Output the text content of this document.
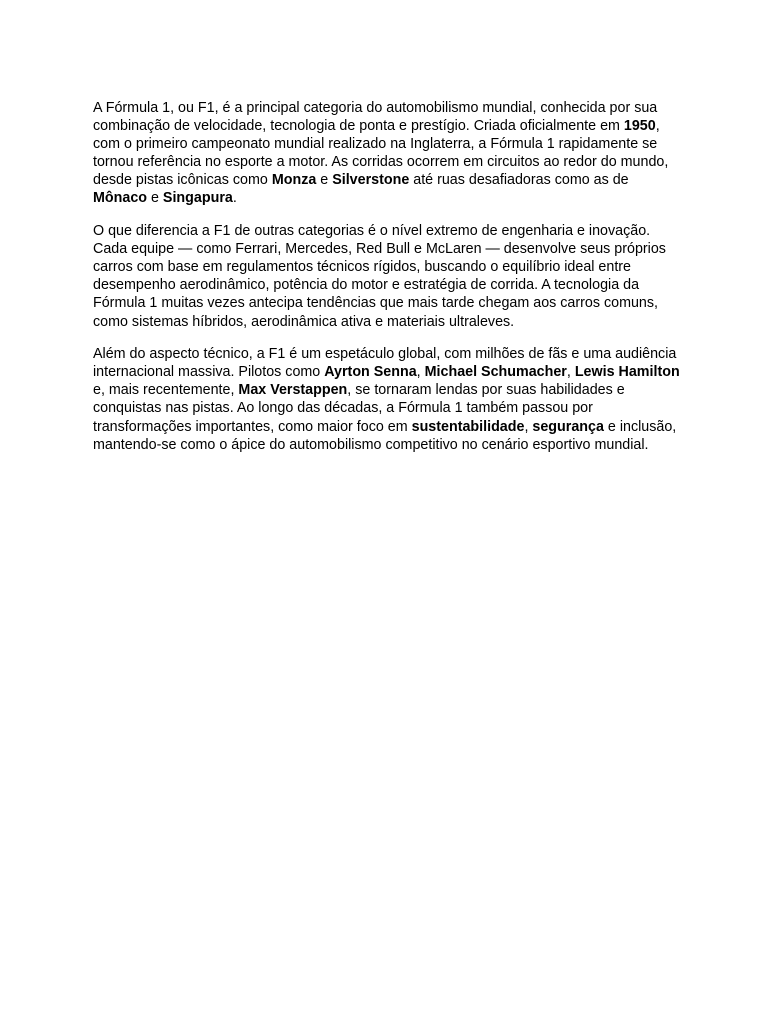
A Fórmula 1, ou F1, é a principal categoria do automobilismo mundial, conhecida por sua combinação de velocidade, tecnologia de ponta e prestígio. Criada oficialmente em 1950, com o primeiro campeonato mundial realizado na Inglaterra, a Fórmula 1 rapidamente se tornou referência no esporte a motor. As corridas ocorrem em circuitos ao redor do mundo, desde pistas icônicas como Monza e Silverstone até ruas desafiadoras como as de Mônaco e Singapura.

O que diferencia a F1 de outras categorias é o nível extremo de engenharia e inovação. Cada equipe — como Ferrari, Mercedes, Red Bull e McLaren — desenvolve seus próprios carros com base em regulamentos técnicos rígidos, buscando o equilíbrio ideal entre desempenho aerodinâmico, potência do motor e estratégia de corrida. A tecnologia da Fórmula 1 muitas vezes antecipa tendências que mais tarde chegam aos carros comuns, como sistemas híbridos, aerodinâmica ativa e materiais ultraleves.

Além do aspecto técnico, a F1 é um espetáculo global, com milhões de fãs e uma audiência internacional massiva. Pilotos como Ayrton Senna, Michael Schumacher, Lewis Hamilton e, mais recentemente, Max Verstappen, se tornaram lendas por suas habilidades e conquistas nas pistas. Ao longo das décadas, a Fórmula 1 também passou por transformações importantes, como maior foco em sustentabilidade, segurança e inclusão, mantendo-se como o ápice do automobilismo competitivo no cenário esportivo mundial.
